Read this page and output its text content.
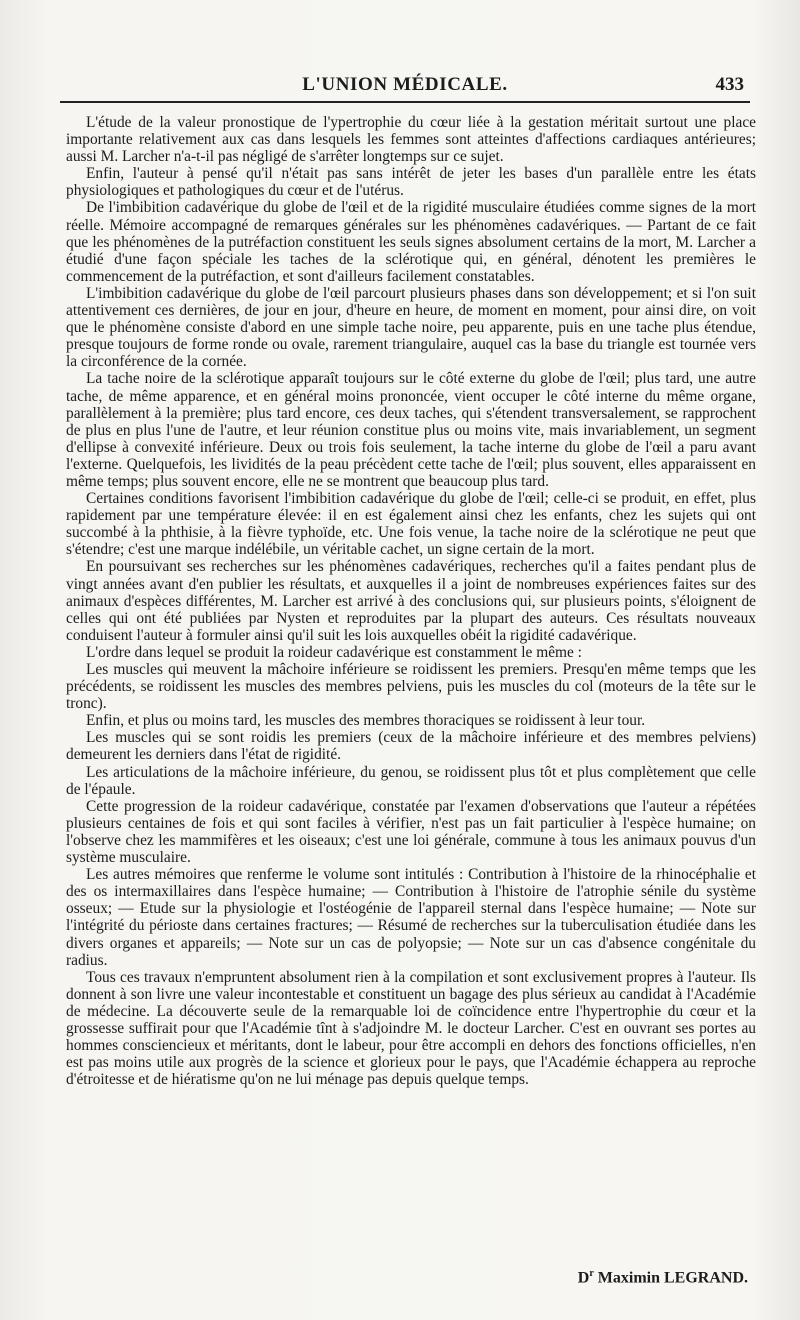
L'UNION MÉDICALE.	433

L'étude de la valeur pronostique de l'ypertrophie du cœur liée à la gestation méritait surtout une place importante relativement aux cas dans lesquels les femmes sont atteintes d'affections cardiaques antérieures; aussi M. Larcher n'a-t-il pas négligé de s'arrêter longtemps sur ce sujet.

Enfin, l'auteur à pensé qu'il n'était pas sans intérêt de jeter les bases d'un parallèle entre les états physiologiques et pathologiques du cœur et de l'utérus.

De l'imbibition cadavérique du globe de l'œil et de la rigidité musculaire étudiées comme signes de la mort réelle. Mémoire accompagné de remarques générales sur les phénomènes cadavériques. — Partant de ce fait que les phénomènes de la putréfaction constituent les seuls signes absolument certains de la mort, M. Larcher a étudié d'une façon spéciale les taches de la sclérotique qui, en général, dénotent les premières le commencement de la putréfaction, et sont d'ailleurs facilement constatables.

L'imbibition cadavérique du globe de l'œil parcourt plusieurs phases dans son développement; et si l'on suit attentivement ces dernières, de jour en jour, d'heure en heure, de moment en moment, pour ainsi dire, on voit que le phénomène consiste d'abord en une simple tache noire, peu apparente, puis en une tache plus étendue, presque toujours de forme ronde ou ovale, rarement triangulaire, auquel cas la base du triangle est tournée vers la circonférence de la cornée.

La tache noire de la sclérotique apparaît toujours sur le côté externe du globe de l'œil; plus tard, une autre tache, de même apparence, et en général moins prononcée, vient occuper le côté interne du même organe, parallèlement à la première; plus tard encore, ces deux taches, qui s'étendent transversalement, se rapprochent de plus en plus l'une de l'autre, et leur réunion constitue plus ou moins vite, mais invariablement, un segment d'ellipse à convexité inférieure. Deux ou trois fois seulement, la tache interne du globe de l'œil a paru avant l'externe. Quelquefois, les lividités de la peau précèdent cette tache de l'œil; plus souvent, elles apparaissent en même temps; plus souvent encore, elle ne se montrent que beaucoup plus tard.

Certaines conditions favorisent l'imbibition cadavérique du globe de l'œil; celle-ci se produit, en effet, plus rapidement par une température élevée: il en est également ainsi chez les enfants, chez les sujets qui ont succombé à la phthisie, à la fièvre typhoïde, etc. Une fois venue, la tache noire de la sclérotique ne peut que s'étendre; c'est une marque indélébile, un véritable cachet, un signe certain de la mort.

En poursuivant ses recherches sur les phénomènes cadavériques, recherches qu'il a faites pendant plus de vingt années avant d'en publier les résultats, et auxquelles il a joint de nombreuses expériences faites sur des animaux d'espèces différentes, M. Larcher est arrivé à des conclusions qui, sur plusieurs points, s'éloignent de celles qui ont été publiées par Nysten et reproduites par la plupart des auteurs. Ces résultats nouveaux conduisent l'auteur à formuler ainsi qu'il suit les lois auxquelles obéit la rigidité cadavérique.

L'ordre dans lequel se produit la roideur cadavérique est constamment le même :

Les muscles qui meuvent la mâchoire inférieure se roidissent les premiers. Presqu'en même temps que les précédents, se roidissent les muscles des membres pelviens, puis les muscles du col (moteurs de la tête sur le tronc).

Enfin, et plus ou moins tard, les muscles des membres thoraciques se roidissent à leur tour.

Les muscles qui se sont roidis les premiers (ceux de la mâchoire inférieure et des membres pelviens) demeurent les derniers dans l'état de rigidité.

Les articulations de la mâchoire inférieure, du genou, se roidissent plus tôt et plus complètement que celle de l'épaule.

Cette progression de la roideur cadavérique, constatée par l'examen d'observations que l'auteur a répétées plusieurs centaines de fois et qui sont faciles à vérifier, n'est pas un fait particulier à l'espèce humaine; on l'observe chez les mammifères et les oiseaux; c'est une loi générale, commune à tous les animaux pouvus d'un système musculaire.

Les autres mémoires que renferme le volume sont intitulés : Contribution à l'histoire de la rhinocéphalie et des os intermaxillaires dans l'espèce humaine; — Contribution à l'histoire de l'atrophie sénile du système osseux; — Etude sur la physiologie et l'ostéogénie de l'appareil sternal dans l'espèce humaine; — Note sur l'intégrité du périoste dans certaines fractures; — Résumé de recherches sur la tuberculisation étudiée dans les divers organes et appareils; — Note sur un cas de polyopsie; — Note sur un cas d'absence congénitale du radius.

Tous ces travaux n'empruntent absolument rien à la compilation et sont exclusivement propres à l'auteur. Ils donnent à son livre une valeur incontestable et constituent un bagage des plus sérieux au candidat à l'Académie de médecine. La découverte seule de la remarquable loi de coïncidence entre l'hypertrophie du cœur et la grossesse suffirait pour que l'Académie tînt à s'adjoindre M. le docteur Larcher. C'est en ouvrant ses portes au hommes consciencieux et méritants, dont le labeur, pour être accompli en dehors des fonctions officielles, n'en est pas moins utile aux progrès de la science et glorieux pour le pays, que l'Académie échappera au reproche d'étroitesse et de hiératisme qu'on ne lui ménage pas depuis quelque temps.

$D^r$ Maximin LEGRAND.
